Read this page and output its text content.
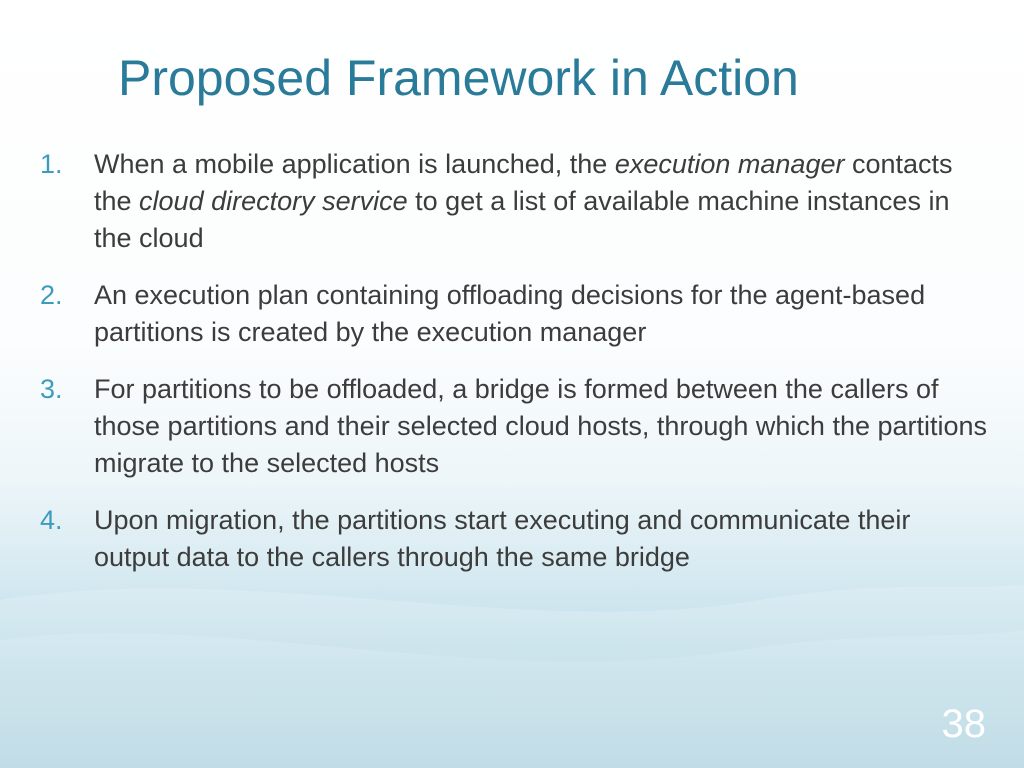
Proposed Framework in Action
1.	When a mobile application is launched, the execution manager contacts the cloud directory service to get a list of available machine instances in the cloud
2.	An execution plan containing offloading decisions for the agent-based partitions is created by the execution manager
3.	For partitions to be offloaded, a bridge is formed between the callers of those partitions and their selected cloud hosts, through which the partitions migrate to the selected hosts
4.	Upon migration, the partitions start executing and communicate their output data to the callers through the same bridge
38
